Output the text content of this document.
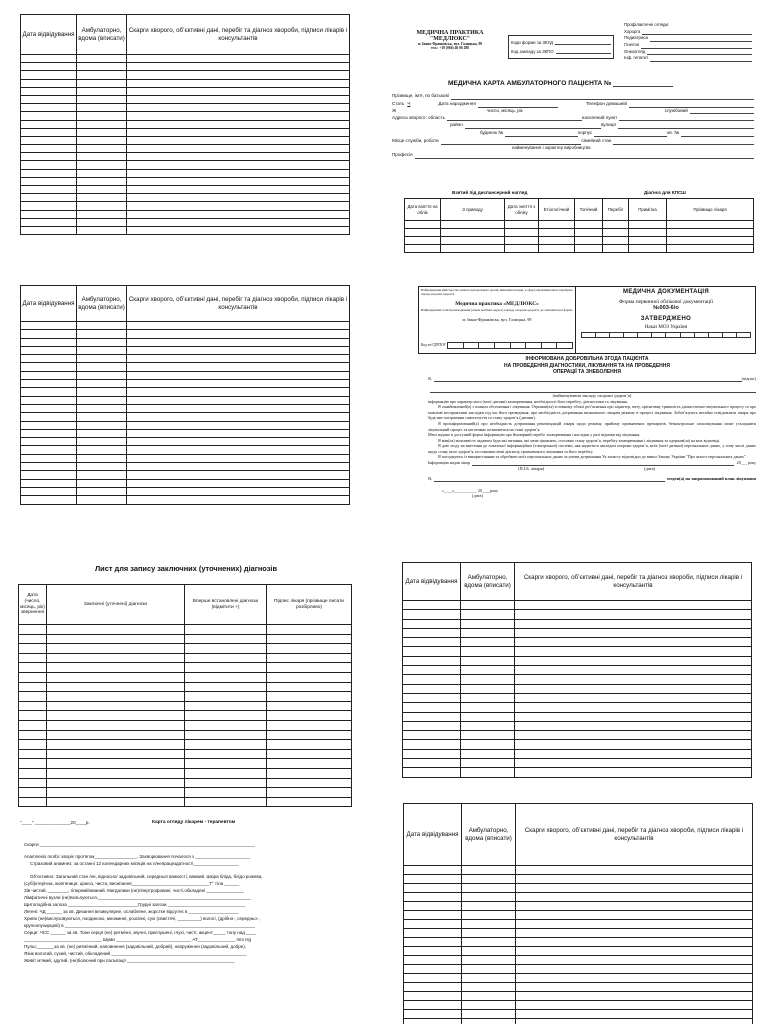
Дата відвідування	Амбулаторно, вдома (вписати)	Скарги хворого, об’єктивні дані, перебіг та діагноз хвороби, підписи лікарів і консультантів

МЕДИЧНА ПРАКТИКА
"МЕДЛЮКС"
м. Івано-Франківськ, вул. Галицька, 98
тел.: +38 (066) 46 06 288
Коди форми за ЗКУД
Код закладу за ЗКПО
Профілактичні огляди:
Хорорга
Педиатриса
Гінелон
Онкоогляд
Інф. гепатит
МЕДИЧНА КАРТА АМБУЛАТОРНОГО ПАЦІЄНТА №
Прізвище, ім’я, по батькові
Стать Ч	Дата народження	Телефон домашній
Ж	число, місяць, рік	службовий
Адреса хворого: область	населений пункт
район	вулиця
будинок №	корпус	кв. №
Місце служби, роботи	сімейний стан
найменування і характер виробництва
Професія
Взятий під диспансерний нагляд	Діагноз для КПСШ
Дата взяття на облік	З приводу	Дата зняття з обліку	Етіологічний	Топічний	Перебіг	Примітка	Прізвище лікаря

Дата відвідування	Амбулаторно, вдома (вписати)	Скарги хворого, об’єктивні дані, перебіг та діагноз хвороби, підписи лікарів і консультантів

Найменування міністерства, іншого центрального органу виконавчої влади, у сфері управління якого перебуває заклад охорони здоров’я
Медична практика «МЕДЛЮКС»
Найменування та місцезнаходження (повна поштова адреса) закладу охорони здоров’я, де заповнюється форма
м. Івано-Франківськ, вул. Галицька, 98
Код за ЄДРПОУ
МЕДИЧНА ДОКУМЕНТАЦІЯ
Форма первинної облікової документації
№003-6/о
ЗАТВЕРДЖЕНО
Наказ МОЗ України
ІНФОРМОВАНА ДОБРОВІЛЬНА ЗГОДА ПАЦІЄНТА
НА ПРОВЕДЕННЯ ДІАГНОСТИКИ, ЛІКУВАННЯ ТА НА ПРОВЕДЕННЯ
ОПЕРАЦІЇ ТА ЗНЕБОЛЕННЯ
Я,	(підпис)
(найменування закладу охорони здоров’я)
інформацію про характер мого (моєї дитини) захворювання, необхідності його перебігу, діагностики та лікування.
Я ознайомлений(а) з планом обстеження і лікування. Отримав(ла) в повному обсязі роз’яснення про характер, мету, орієнтовну тривалість діагностично-лікувального процесу та про можливі несприятливі наслідки під час його проведення, про необхідність дотримання визначеного лікарем режиму в процесі лікування. Зобов’язуюсь негайно повідомляти лікаря про будь-яке погіршення самопочуття та стану здоров’я (дитини).
Я проінформований(а) про необхідність дотримання рекомендацій лікаря щодо режиму, прийому призначених препаратів, безконтрольне самолікування може ускладнити лікувальний процес та негативно позначитися на стані здоров’я.
Мені надано в доступній формі інформацію про ймовірний перебіг захворювання і наслідки у разі відмови від лікування.
Я мав(ла) можливість задавати будь-які питання, які мене цікавлять, стосовно стану здоров’я, перебігу захворювання і лікування та одержав(ла) на них відповіді.
Я даю згоду на внесення до локальної інформаційної (електронної) системи, яка надається закладом охорони здоров’я, моїх (моєї дитини) персональних даних, у тому числі даних щодо стану мого здоров’я, постановки мені діагнозу, призначеного лікування та його перебігу.
Я погоджуюсь із використанням та обробкою моїх персональних даних за умови дотримання Ук захисту відповідно до вимог Закону України "Про захист персональних даних".
Інформацію надав лікар	20___ року
(П.І.Б. лікаря)	(дата)
Я,	згоден(а) на запропонований план лікування
«____»___________ 20____року
(дата)
Лист для запису заключних (уточнених) діагнозів
Дата (число, місяць, рік) звернення	Заключні (уточнені) діагнози	Вперше встановлені діагнози (відмітити +)	Підпис лікаря (прізвище писати розбірливо)

Дата відвідування	Амбулаторно, вдома (вписати)	Скарги хворого, об’єктивні дані, перебіг та діагноз хвороби, підписи лікарів і консультантів

"____" ______________20____р.	Карта огляду лікарем - терапевтом
Скарги ______________________________________________________________________________________
Anamnesis morbi: хворіє протягом_________________. Захворювання почалося з ______________________
Страховий анамнез: за останні 12 календарних місяців на л/непрацездатності__________________
Об’єктивно: Загальний стан /не, відносно/ задовільний, середньої важкості, важкий. Шкіра бліда, блідо рожева,
(субі)ктерічна, жовтяниця, ціаноз, чиста, висипання_______________________________Т° тіла ______
Зів чистий, ________, гіперемійований. Мигдалики (не)гіпертрофовані, чисті,обкладені _______________
Лімфатичні вузли (не)пальпуються,_____________________________________________________________
Щитоподібна залоза ____________________________Грудні залози _______________________________
Легені: ЧД ______ за хв. Дихання везикулярне, ослаблене, жорстке відсутнє в ____________________
Хрипи (не)вислуховуються, поодиноко, множинні, розсіяні, сухі (свистячі, _________) вологі, (дрібно-, середньо-,
крупнопухирцеві) в ____________________________________________________________________________
Серце: ЧСС ______ за хв. Тони серця (не) ритмічні, звучні, приглушені, глухі, чисті, акцент_____ тону над ____
_______________________________ Шуми ______________________________ АТ_______________ mm Hg
Пульс_______за хв. (не) ритмічний, наповнення (задовільний, добрий), напруження (задовільний, добре).
Язик вологий, сухий, чистий, обкладений ______________________________________________________
Живіт м’який, здутий, (не)болючий при пальпації ___________________________________________
Дата відвідування	Амбулаторно, вдома (вписати)	Скарги хворого, об’єктивні дані, перебіг та діагноз хвороби, підписи лікарів і консультантів
